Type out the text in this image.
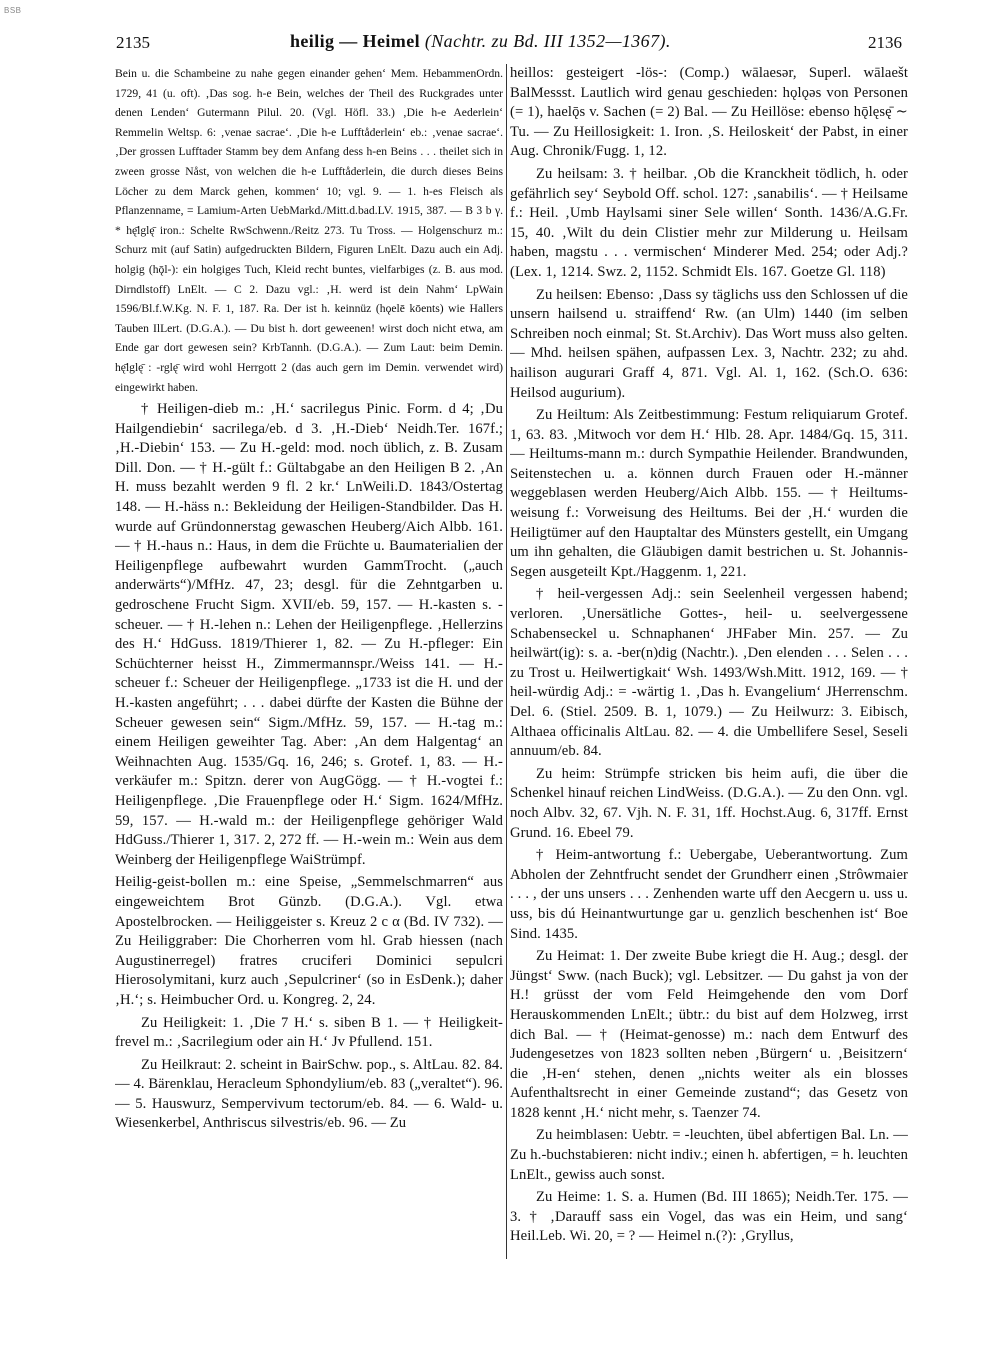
BSB
2135	heilig — Heimel (Nachtr. zu Bd. III 1352—1367).	2136

Bein u. die Schambeine zu nahe gegen einander gehen‘ Mem. HebammenOrdn. 1729, 41 (u. oft). ‚Das sog. h-e Bein, welches der Theil des Ruckgrades unter denen Lenden‘ Gutermann Pilul. 20. (Vgl. Höfl. 33.) ‚Die h-e Aederlein‘ Remmelin Weltsp. 6: ‚venae sacrae‘. ‚Die h-e Lufftåderlein‘ eb.: ‚venae sacrae‘. ‚Der grossen Lufftader Stamm bey dem Anfang dess h-en Beins . . . theilet sich in zween grosse Nåst, von welchen die h-e Lufftåderlein, die durch dieses Beins Löcher zu dem Marck gehen, kommen‘ 10; vgl. 9. — 1. h-es Fleisch als Pflanzenname, = Lamium-Arten UebMarkd./Mitt.d.bad.LV. 1915, 387. — B 3 b γ. * hę̄lglę̄ iron.: Schelte RwSchwenn./Reitz 273. Tu Tross. — Holgenschurz m.: Schurz mit (auf Satin) aufgedruckten Bildern, Figuren LnElt. Dazu auch ein Adj. holgig (hǭl-): ein holgiges Tuch, Kleid recht buntes, vielfarbiges (z. B. aus mod. Dirndlstoff) LnElt. — C 2. Dazu vgl.: ‚H. werd ist dein Nahm‘ LpWain 1596/Bl.f.W.Kg. N. F. 1, 187. Ra. Der ist h. keinnüz (hǫelē kōents) wie Hallers Tauben IlLert. (D.G.A.). — Du bist h. dort geweenen! wirst doch nicht etwa, am Ende gar dort gewesen sein? KrbTannh. (D.G.A.). — Zum Laut: beim Demin. hę̄lglę̄ : -rglę̄ wird wohl Herrgott 2 (das auch gern im Demin. verwendet wird) eingewirkt haben.

† Heiligen-dieb m.: ‚H.‘ sacrilegus Pinic. Form. d 4; ‚Du Hailgendiebin‘ sacrilega/eb. d 3. ‚H.-Dieb‘ Neidh.Ter. 167f.; ‚H.-Diebin‘ 153. — Zu H.-geld: mod. noch üblich, z. B. Zusam Dill. Don. — † H.-gült f.: Gültabgabe an den Heiligen B 2. ‚An H. muss bezahlt werden 9 fl. 2 kr.‘ LnWeili.D. 1843/Ostertag 148. — H.-häss n.: Bekleidung der Heiligen-Standbilder. Das H. wurde auf Gründonnerstag gewaschen Heuberg/Aich Albb. 161. — † H.-haus n.: Haus, in dem die Früchte u. Baumaterialien der Heiligenpflege aufbewahrt wurden GammTrocht. („auch anderwärts“)/MfHz. 47, 23; desgl. für die Zehntgarben u. gedroschene Frucht Sigm. XVII/eb. 59, 157. — H.-kasten s. -scheuer. — † H.-lehen n.: Lehen der Heiligenpflege. ‚Hellerzins des H.‘ HdGuss. 1819/Thierer 1, 82. — Zu H.-pfleger: Ein Schüchterner heisst H., Zimmermannspr./Weiss 141. — H.-scheuer f.: Scheuer der Heiligenpflege. „1733 ist die H. und der H.-kasten angeführt; . . . dabei dürfte der Kasten die Bühne der Scheuer gewesen sein“ Sigm./MfHz. 59, 157. — H.-tag m.: einem Heiligen geweihter Tag. Aber: ‚An dem Halgentag‘ an Weihnachten Aug. 1535/Gq. 16, 246; s. Grotef. 1, 83. — H.-verkäufer m.: Spitzn. derer von AugGögg. — † H.-vogtei f.: Heiligenpflege. ‚Die Frauenpflege oder H.‘ Sigm. 1624/MfHz. 59, 157. — H.-wald m.: der Heiligenpflege gehöriger Wald HdGuss./Thierer 1, 317. 2, 272 ff. — H.-wein m.: Wein aus dem Weinberg der Heiligenpflege WaiStrümpf.

Heilig-geist-bollen m.: eine Speise, „Semmelschmarren“ aus eingeweichtem Brot Günzb. (D.G.A.). Vgl. etwa Apostelbrocken. — Heiliggeister s. Kreuz 2 c α (Bd. IV 732). — Zu Heiliggraber: Die Chorherren vom hl. Grab hiessen (nach Augustinerregel) fratres cruciferi Dominici sepulcri Hierosolymitani, kurz auch ‚Sepulcriner‘ (so in EsDenk.); daher ‚H.‘; s. Heimbucher Ord. u. Kongreg. 2, 24.

Zu Heiligkeit: 1. ‚Die 7 H.‘ s. siben B 1. — † Heiligkeit-frevel m.: ‚Sacrilegium oder ain H.‘ Jv Pfullend. 151.

Zu Heilkraut: 2. scheint in BairSchw. pop., s. AltLau. 82. 84. — 4. Bärenklau, Heracleum Sphondylium/eb. 83 („veraltet“). 96. — 5. Hauswurz, Sempervivum tectorum/eb. 84. — 6. Wald- u. Wiesenkerbel, Anthriscus silvestris/eb. 96. — Zu

heillos: gesteigert -lös-: (Comp.) wālaesər, Superl. wālaešt BalMessst. Lautlich wird genau geschieden: hǫlǫəs von Personen (= 1), haelǭs v. Sachen (= 2) Bal. — Zu Heillöse: ebenso hǭlęsę̄ ∼ Tu. — Zu Heillosigkeit: 1. Iron. ‚S. Heiloskeit‘ der Pabst, in einer Aug. Chronik/Fugg. 1, 12.

Zu heilsam: 3. † heilbar. ‚Ob die Kranckheit tödlich, h. oder gefährlich sey‘ Seybold Off. schol. 127: ‚sanabilis‘. — † Heilsame f.: Heil. ‚Umb Haylsami siner Sele willen‘ Sonth. 1436/A.G.Fr. 15, 40. ‚Wilt du dein Clistier mehr zur Milderung u. Heilsam haben, magstu . . . vermischen‘ Minderer Med. 254; oder Adj.? (Lex. 1, 1214. Swz. 2, 1152. Schmidt Els. 167. Goetze Gl. 118)

Zu heilsen: Ebenso: ‚Dass sy täglichs uss den Schlossen uf die unsern hailsend u. straiffend‘ Rw. (an Ulm) 1440 (im selben Schreiben noch einmal; St. St.Archiv). Das Wort muss also gelten. — Mhd. heilsen spähen, aufpassen Lex. 3, Nachtr. 232; zu ahd. hailison augurari Graff 4, 871. Vgl. Al. 1, 162. (Sch.O. 636: Heilsod augurium).

Zu Heiltum: Als Zeitbestimmung: Festum reliquiarum Grotef. 1, 63. 83. ‚Mitwoch vor dem H.‘ Hlb. 28. Apr. 1484/Gq. 15, 311. — Heiltums-mann m.: durch Sympathie Heilender. Brandwunden, Seitenstechen u. a. können durch Frauen oder H.-männer weggeblasen werden Heuberg/Aich Albb. 155. — † Heiltums-weisung f.: Vorweisung des Heiltums. Bei der ‚H.‘ wurden die Heiligtümer auf den Hauptaltar des Münsters gestellt, ein Umgang um ihn gehalten, die Gläubigen damit bestrichen u. St. Johannis-Segen ausgeteilt Kpt./Haggenm. 1, 221.

† heil-vergessen Adj.: sein Seelenheil vergessen habend; verloren. ‚Unersätliche Gottes-, heil- u. seelvergessene Schabenseckel u. Schnaphanen‘ JHFaber Min. 257. — Zu heilwärt(ig): s. a. -ber(n)dig (Nachtr.). ‚Den elenden . . . Selen . . . zu Trost u. Heilwertigkait‘ Wsh. 1493/Wsh.Mitt. 1912, 169. — † heil-würdig Adj.: = -wärtig 1. ‚Das h. Evangelium‘ JHerrenschm. Del. 6. (Stiel. 2509. B. 1, 1079.) — Zu Heilwurz: 3. Eibisch, Althaea officinalis AltLau. 82. — 4. die Umbellifere Sesel, Seseli annuum/eb. 84.

Zu heim: Strümpfe stricken bis heim aufi, die über die Schenkel hinauf reichen LindWeiss. (D.G.A.). — Zu den Onn. vgl. noch Albv. 32, 67. Vjh. N. F. 31, 1ff. Hochst.Aug. 6, 317ff. Ernst Grund. 16. Ebeel 79.

† Heim-antwortung f.: Uebergabe, Ueberantwortung. Zum Abholen der Zehntfrucht sendet der Grundherr einen ‚Strôwmaier . . . , der uns unsers . . . Zenhenden warte uff den Aecgern u. uss u. uss, bis dú Heinantwurtunge gar u. genzlich beschenhen ist‘ Boe Sind. 1435.

Zu Heimat: 1. Der zweite Bube kriegt die H. Aug.; desgl. der Jüngst‘ Sww. (nach Buck); vgl. Lebsitzer. — Du gahst ja von der H.! grüsst der vom Feld Heimgehende den vom Dorf Herauskommenden LnElt.; übtr.: du bist auf dem Holzweg, irrst dich Bal. — † (Heimat-genosse) m.: nach dem Entwurf des Judengesetzes von 1823 sollten neben ‚Bürgern‘ u. ‚Beisitzern‘ die ‚H-en‘ stehen, denen „nichts weiter als ein blosses Aufenthaltsrecht in einer Gemeinde zustand“; das Gesetz von 1828 kennt ‚H.‘ nicht mehr, s. Taenzer 74.

Zu heimblasen: Uebtr. = -leuchten, übel abfertigen Bal. Ln. — Zu h.-buchstabieren: nicht indiv.; einen h. abfertigen, = h. leuchten LnElt., gewiss auch sonst.

Zu Heime: 1. S. a. Humen (Bd. III 1865); Neidh.Ter. 175. — 3. † ‚Darauff sass ein Vogel, das was ein Heim, und sang‘ Heil.Leb. Wi. 20, = ? — Heimel n.(?): ‚Gryllus,
